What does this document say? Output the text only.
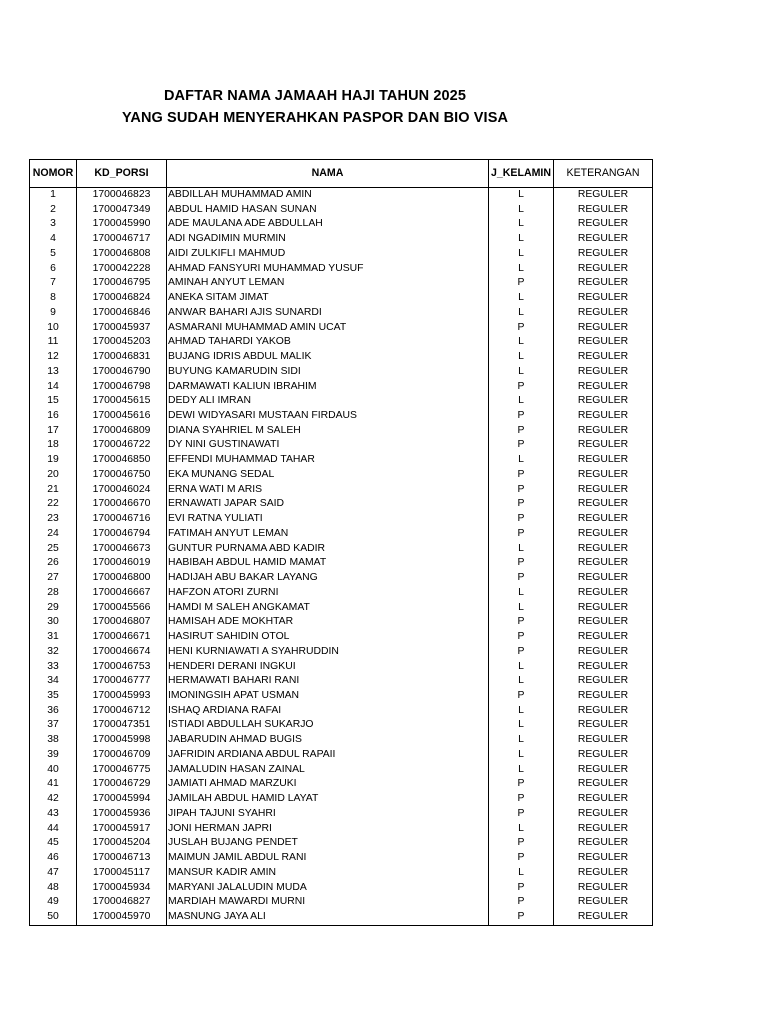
DAFTAR NAMA JAMAAH HAJI TAHUN 2025
YANG SUDAH MENYERAHKAN PASPOR DAN BIO VISA
NOMOR	KD_PORSI	NAMA	J_KELAMIN	KETERANGAN
1	1700046823	ABDILLAH MUHAMMAD AMIN	L	REGULER
2	1700047349	ABDUL HAMID HASAN SUNAN	L	REGULER
3	1700045990	ADE MAULANA ADE ABDULLAH	L	REGULER
4	1700046717	ADI NGADIMIN MURMIN	L	REGULER
5	1700046808	AIDI ZULKIFLI MAHMUD	L	REGULER
6	1700042228	AHMAD FANSYURI MUHAMMAD YUSUF	L	REGULER
7	1700046795	AMINAH ANYUT LEMAN	P	REGULER
8	1700046824	ANEKA SITAM JIMAT	L	REGULER
9	1700046846	ANWAR BAHARI AJIS SUNARDI	L	REGULER
10	1700045937	ASMARANI MUHAMMAD AMIN UCAT	P	REGULER
11	1700045203	AHMAD TAHARDI YAKOB	L	REGULER
12	1700046831	BUJANG IDRIS ABDUL MALIK	L	REGULER
13	1700046790	BUYUNG KAMARUDIN SIDI	L	REGULER
14	1700046798	DARMAWATI KALIUN IBRAHIM	P	REGULER
15	1700045615	DEDY ALI IMRAN	L	REGULER
16	1700045616	DEWI WIDYASARI MUSTAAN FIRDAUS	P	REGULER
17	1700046809	DIANA SYAHRIEL M SALEH	P	REGULER
18	1700046722	DY NINI GUSTINAWATI	P	REGULER
19	1700046850	EFFENDI MUHAMMAD TAHAR	L	REGULER
20	1700046750	EKA MUNANG SEDAL	P	REGULER
21	1700046024	ERNA WATI M ARIS	P	REGULER
22	1700046670	ERNAWATI JAPAR SAID	P	REGULER
23	1700046716	EVI RATNA YULIATI	P	REGULER
24	1700046794	FATIMAH ANYUT LEMAN	P	REGULER
25	1700046673	GUNTUR PURNAMA ABD KADIR	L	REGULER
26	1700046019	HABIBAH ABDUL HAMID MAMAT	P	REGULER
27	1700046800	HADIJAH ABU BAKAR LAYANG	P	REGULER
28	1700046667	HAFZON ATORI ZURNI	L	REGULER
29	1700045566	HAMDI M SALEH ANGKAMAT	L	REGULER
30	1700046807	HAMISAH ADE MOKHTAR	P	REGULER
31	1700046671	HASIRUT SAHIDIN OTOL	P	REGULER
32	1700046674	HENI KURNIAWATI A SYAHRUDDIN	P	REGULER
33	1700046753	HENDERI DERANI INGKUI	L	REGULER
34	1700046777	HERMAWATI BAHARI RANI	L	REGULER
35	1700045993	IMONINGSIH APAT USMAN	P	REGULER
36	1700046712	ISHAQ ARDIANA RAFAI	L	REGULER
37	1700047351	ISTIADI ABDULLAH SUKARJO	L	REGULER
38	1700045998	JABARUDIN AHMAD BUGIS	L	REGULER
39	1700046709	JAFRIDIN ARDIANA ABDUL RAPAII	L	REGULER
40	1700046775	JAMALUDIN HASAN ZAINAL	L	REGULER
41	1700046729	JAMIATI AHMAD MARZUKI	P	REGULER
42	1700045994	JAMILAH ABDUL HAMID LAYAT	P	REGULER
43	1700045936	JIPAH TAJUNI SYAHRI	P	REGULER
44	1700045917	JONI HERMAN JAPRI	L	REGULER
45	1700045204	JUSLAH BUJANG PENDET	P	REGULER
46	1700046713	MAIMUN JAMIL ABDUL RANI	P	REGULER
47	1700045117	MANSUR KADIR AMIN	L	REGULER
48	1700045934	MARYANI JALALUDIN MUDA	P	REGULER
49	1700046827	MARDIAH MAWARDI MURNI	P	REGULER
50	1700045970	MASNUNG JAYA ALI	P	REGULER
